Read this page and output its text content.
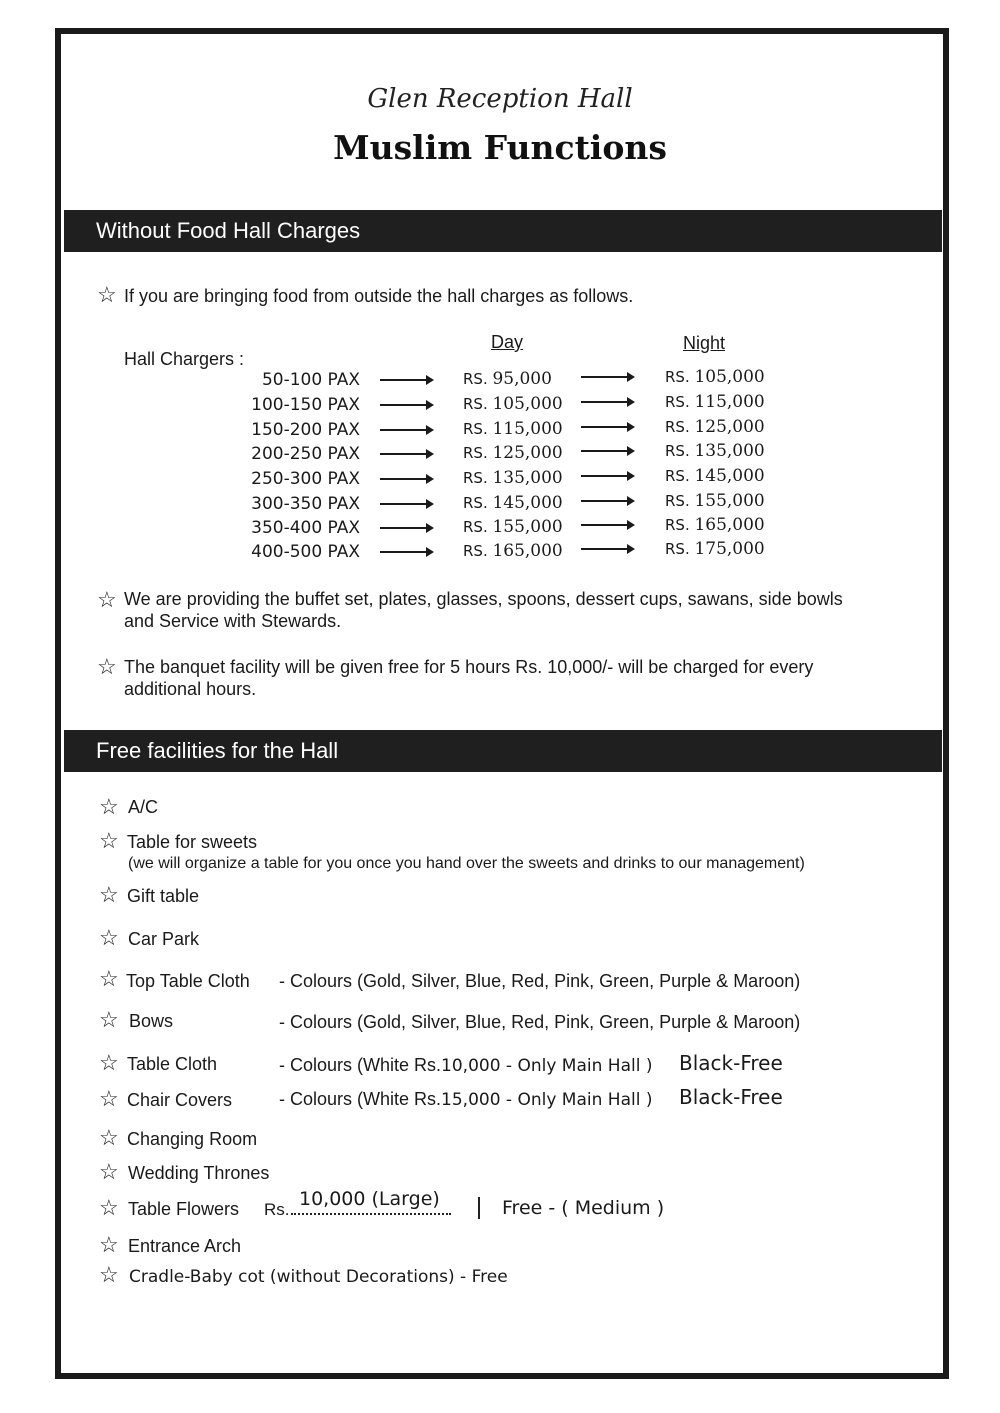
Glen Reception Hall
Muslim Functions
Without Food Hall Charges
☆ If you are bringing food from outside the hall charges as follows.
Day	Night
Hall Chargers :
☆ We are providing the buffet set, plates, glasses, spoons, dessert cups, sawans, side bowls
and Service with Stewards.
☆ The banquet facility will be given free for 5 hours Rs. 10,000/- will be charged for every
additional hours.
Free facilities for the Hall
☆ A/C
☆ Table for sweets
(we will organize a table for you once you hand over the sweets and drinks to our management)
☆ Gift table
☆ Car Park
☆ Top Table Cloth - Colours (Gold, Silver, Blue, Red, Pink, Green, Purple & Maroon)
☆ Bows	- Colours (Gold, Silver, Blue, Red, Pink, Green, Purple & Maroon)
☆ Table Cloth	- Colours (White Rs.10,000 - Only Main Hall ) Black-Free
☆ Chair Covers	- Colours (White Rs.15,000 - Only Main Hall ) Black-Free
☆ Changing Room
☆ Wedding Thrones
☆ Table Flowers Rs. 10,000 (Large)	Free - ( Medium )
☆ Entrance Arch
☆ Cradle-Baby cot (without Decorations) - Free
50-100 PAX	RS. 95,000	RS. 105,000
100-150 PAX	RS. 105,000	RS. 115,000
150-200 PAX	RS. 115,000	RS. 125,000
200-250 PAX	RS. 125,000	RS. 135,000
250-300 PAX	RS. 135,000	RS. 145,000
300-350 PAX	RS. 145,000	RS. 155,000
350-400 PAX	RS. 155,000	RS. 165,000
400-500 PAX	RS. 165,000	RS. 175,000
